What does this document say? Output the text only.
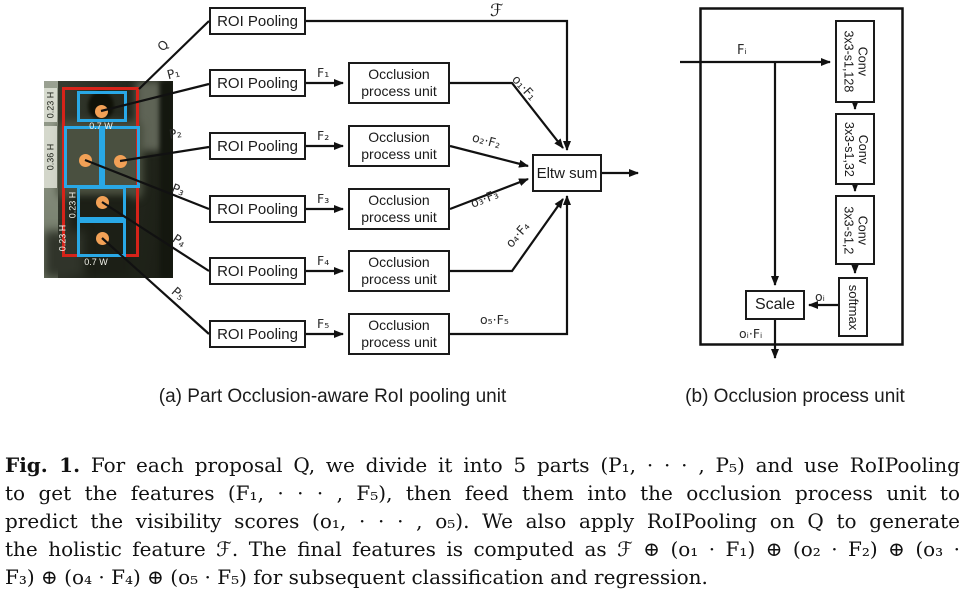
0.23 H
0.36 H
0.23 H
0.23 H
0.7 W
0.7 W
ROI Pooling
ROI Pooling
ROI Pooling
ROI Pooling
ROI Pooling
ROI Pooling
Occlusion
process unit
Occlusion
process unit
Occlusion
process unit
Occlusion
process unit
Occlusion
process unit
Eltw sum
Q
P₁
P₂
P₃
P₄
P₅
ℱ
F₁
F₂
F₃
F₄
F₅
o₁·F₁
o₂·F₂
o₃·F₃
o₄·F₄
o₅·F₅
Conv
3x3-s1,128
Conv
3x3-s1,32
Conv
3x3-s1,2
softmax
Scale
Fᵢ
oᵢ
oᵢ·Fᵢ
(a) Part Occlusion-aware RoI pooling unit	(b) Occlusion process unit
Fig. 1. For each proposal Q, we divide it into 5 parts (P₁, · · · , P₅) and use RoIPooling
to get the features (F₁, · · · , F₅), then feed them into the occlusion process unit to
predict the visibility scores (o₁, · · · , o₅). We also apply RoIPooling on Q to generate
the holistic feature ℱ. The final features is computed as ℱ ⊕ (o₁ · F₁) ⊕ (o₂ · F₂) ⊕ (o₃ ·
F₃) ⊕ (o₄ · F₄) ⊕ (o₅ · F₅) for subsequent classification and regression.
